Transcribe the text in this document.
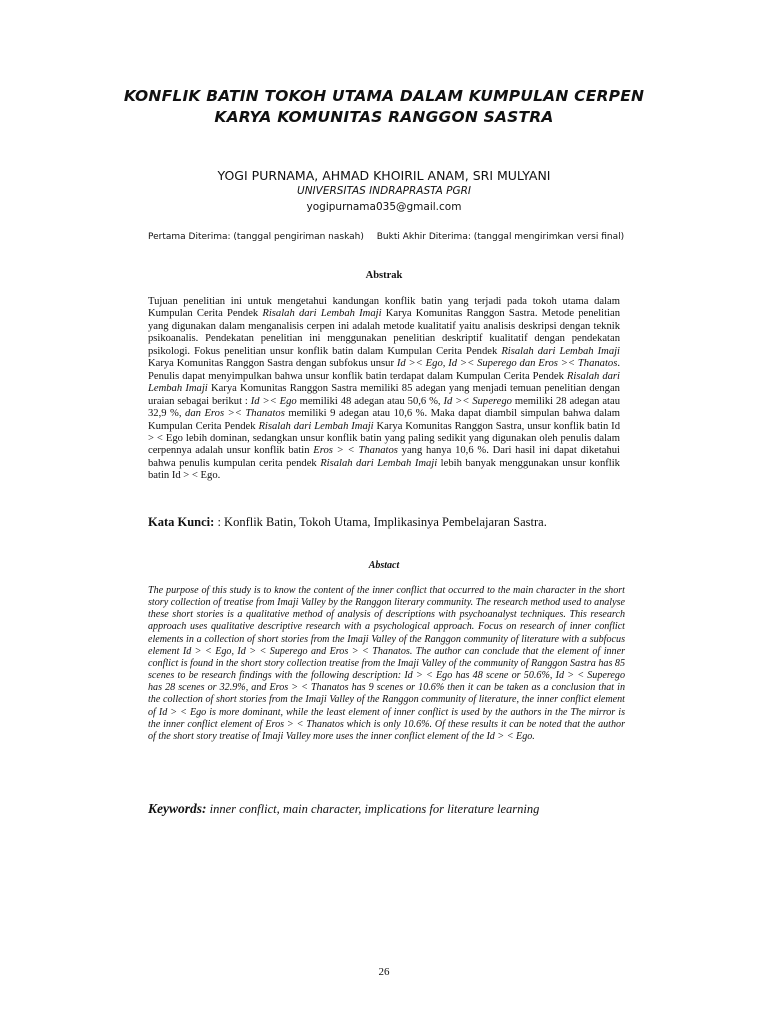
KONFLIK BATIN TOKOH UTAMA DALAM KUMPULAN CERPEN
KARYA KOMUNITAS RANGGON SASTRA

YOGI PURNAMA, AHMAD KHOIRIL ANAM, SRI MULYANI

UNIVERSITAS INDRAPRASTA PGRI

yogipurnama035@gmail.com

Pertama Diterima: (tanggal pengiriman naskah) Bukti Akhir Diterima: (tanggal mengirimkan versi final)

Abstrak

Tujuan penelitian ini untuk mengetahui kandungan konflik batin yang terjadi pada tokoh utama dalam Kumpulan Cerita Pendek Risalah dari Lembah Imaji Karya Komunitas Ranggon Sastra. Metode penelitian yang digunakan dalam menganalisis cerpen ini adalah metode kualitatif yaitu analisis deskripsi dengan teknik psikoanalis. Pendekatan penelitian ini menggunakan penelitian deskriptif kualitatif dengan pendekatan psikologi. Fokus penelitian unsur konflik batin dalam Kumpulan Cerita Pendek Risalah dari Lembah Imaji Karya Komunitas Ranggon Sastra dengan subfokus unsur Id >< Ego, Id >< Superego dan Eros >< Thanatos. Penulis dapat menyimpulkan bahwa unsur konflik batin terdapat dalam Kumpulan Cerita Pendek Risalah dari Lembah Imaji Karya Komunitas Ranggon Sastra memiliki 85 adegan yang menjadi temuan penelitian dengan uraian sebagai berikut : Id >< Ego memiliki 48 adegan atau 50,6 %, Id >< Superego memiliki 28 adegan atau 32,9 %, dan Eros >< Thanatos memiliki 9 adegan atau 10,6 %. Maka dapat diambil simpulan bahwa dalam Kumpulan Cerita Pendek Risalah dari Lembah Imaji Karya Komunitas Ranggon Sastra, unsur konflik batin Id > < Ego lebih dominan, sedangkan unsur konflik batin yang paling sedikit yang digunakan oleh penulis dalam cerpennya adalah unsur konflik batin Eros > < Thanatos yang hanya 10,6 %. Dari hasil ini dapat diketahui bahwa penulis kumpulan cerita pendek Risalah dari Lembah Imaji lebih banyak menggunakan unsur konflik batin Id > < Ego.

Kata Kunci: : Konflik Batin, Tokoh Utama, Implikasinya Pembelajaran Sastra.

Abstact

The purpose of this study is to know the content of the inner conflict that occurred to the main character in the short story collection of treatise from Imaji Valley by the Ranggon literary community. The research method used to analyse these short stories is a qualitative method of analysis of descriptions with psychoanalyst techniques. This research approach uses qualitative descriptive research with a psychological approach. Focus on research of inner conflict elements in a collection of short stories from the Imaji Valley of the Ranggon community of literature with a subfocus element Id > < Ego, Id > < Superego and Eros > < Thanatos. The author can conclude that the element of inner conflict is found in the short story collection treatise from the Imaji Valley of the community of Ranggon Sastra has 85 scenes to be research findings with the following description: Id > < Ego has 48 scene or 50.6%, Id > < Superego has 28 scenes or 32.9%, and Eros > < Thanatos has 9 scenes or 10.6% then it can be taken as a conclusion that in the collection of short stories from the Imaji Valley of the Ranggon community of literature, the inner conflict element of Id > < Ego is more dominant, while the least element of inner conflict is used by the authors in the The mirror is the inner conflict element of Eros > < Thanatos which is only 10.6%. Of these results it can be noted that the author of the short story treatise of Imaji Valley more uses the inner conflict element of the Id > < Ego.

Keywords: inner conflict, main character, implications for literature learning

26
